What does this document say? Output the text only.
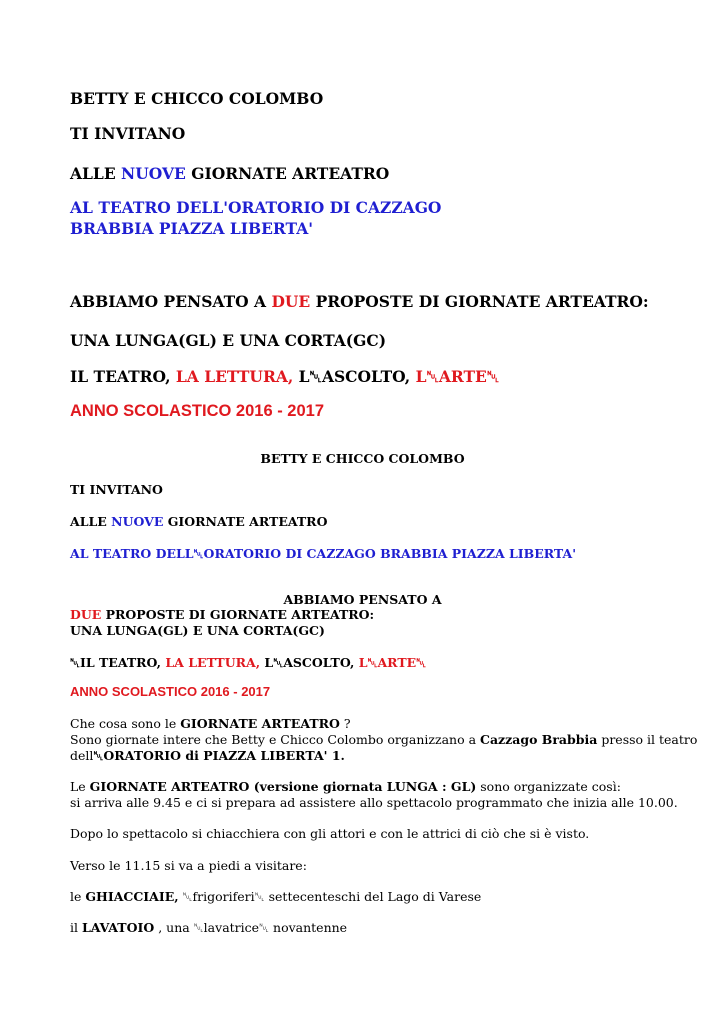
BETTY E CHICCO COLOMBO
TI INVITANO
ALLE NUOVE GIORNATE ARTEATRO
AL TEATRO DELL'ORATORIO DI CAZZAGO
BRABBIA PIAZZA LIBERTA'
ABBIAMO PENSATO A DUE PROPOSTE DI GIORNATE ARTEATRO:
UNA LUNGA(GL) E UNA CORTA(GC)
IL TEATRO, LA LETTURA, L␀ASCOLTO, L␀ARTE␀
ANNO SCOLASTICO 2016 - 2017
BETTY E CHICCO COLOMBO
TI INVITANO
ALLE NUOVE GIORNATE ARTEATRO
AL TEATRO DELL␀ORATORIO DI CAZZAGO BRABBIA PIAZZA LIBERTA'
ABBIAMO PENSATO A
DUE PROPOSTE DI GIORNATE ARTEATRO:
UNA LUNGA(GL) E UNA CORTA(GC)
␀IL TEATRO, LA LETTURA, L␀ASCOLTO, L␀ARTE␀
ANNO SCOLASTICO 2016 - 2017
Che cosa sono le GIORNATE ARTEATRO ?
Sono giornate intere che Betty e Chicco Colombo organizzano a Cazzago Brabbia presso il teatro
dell␀ORATORIO di PIAZZA LIBERTA' 1.
Le GIORNATE ARTEATRO (versione giornata LUNGA : GL) sono organizzate così:
si arriva alle 9.45 e ci si prepara ad assistere allo spettacolo programmato che inizia alle 10.00.
Dopo lo spettacolo si chiacchiera con gli attori e con le attrici di ciò che si è visto.
Verso le 11.15 si va a piedi a visitare:
le GHIACCIAIE, ␀frigoriferi␀ settecenteschi del Lago di Varese
il LAVATOIO , una ␀lavatrice␀ novantenne
